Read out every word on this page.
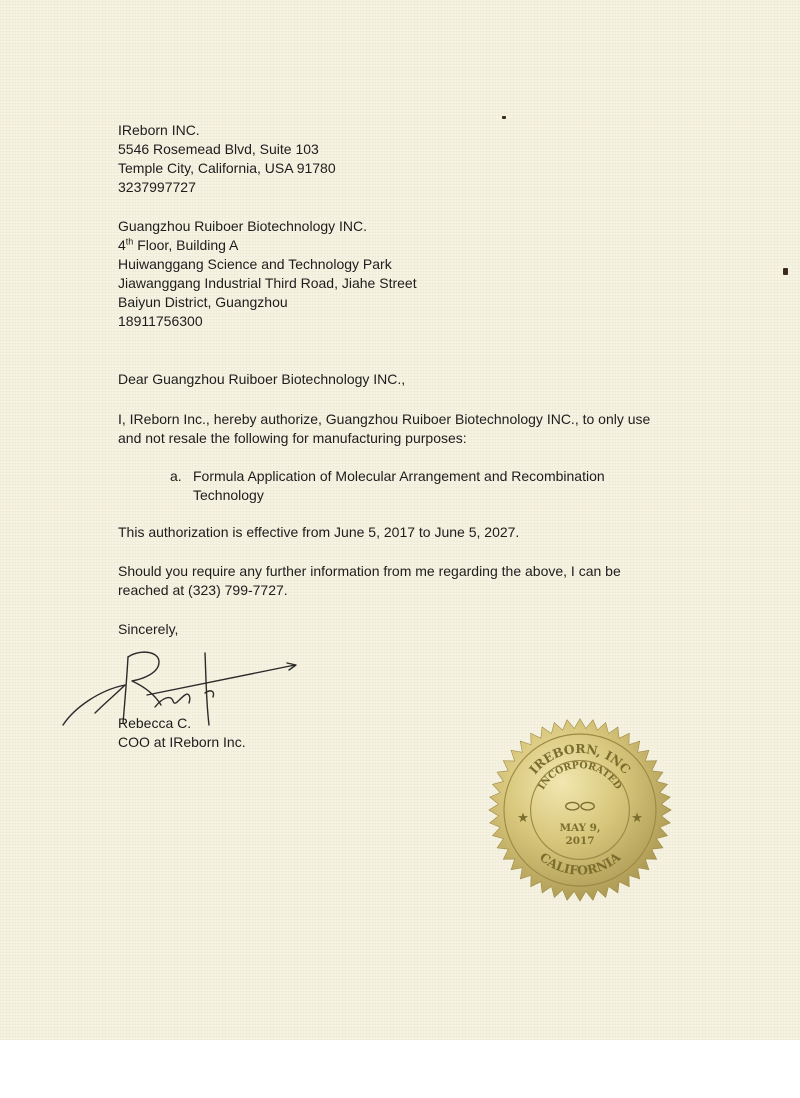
IReborn INC.
5546 Rosemead Blvd, Suite 103
Temple City, California, USA 91780
3237997727
Guangzhou Ruiboer Biotechnology INC.
4th Floor, Building A
Huiwanggang Science and Technology Park
Jiawanggang Industrial Third Road, Jiahe Street
Baiyun District, Guangzhou
18911756300
Dear Guangzhou Ruiboer Biotechnology INC.,
I, IReborn Inc., hereby authorize, Guangzhou Ruiboer Biotechnology INC., to only use
and not resale the following for manufacturing purposes:
a. Formula Application of Molecular Arrangement and Recombination
Technology
This authorization is effective from June 5, 2017 to June 5, 2027.
Should you require any further information from me regarding the above, I can be
reached at (323) 799-7727.
Sincerely,
Rebecca C.
COO at IReborn Inc.
IREBORN, INC
INCORPORATED
MAY 9,
2017
CALIFORNIA
★	★
